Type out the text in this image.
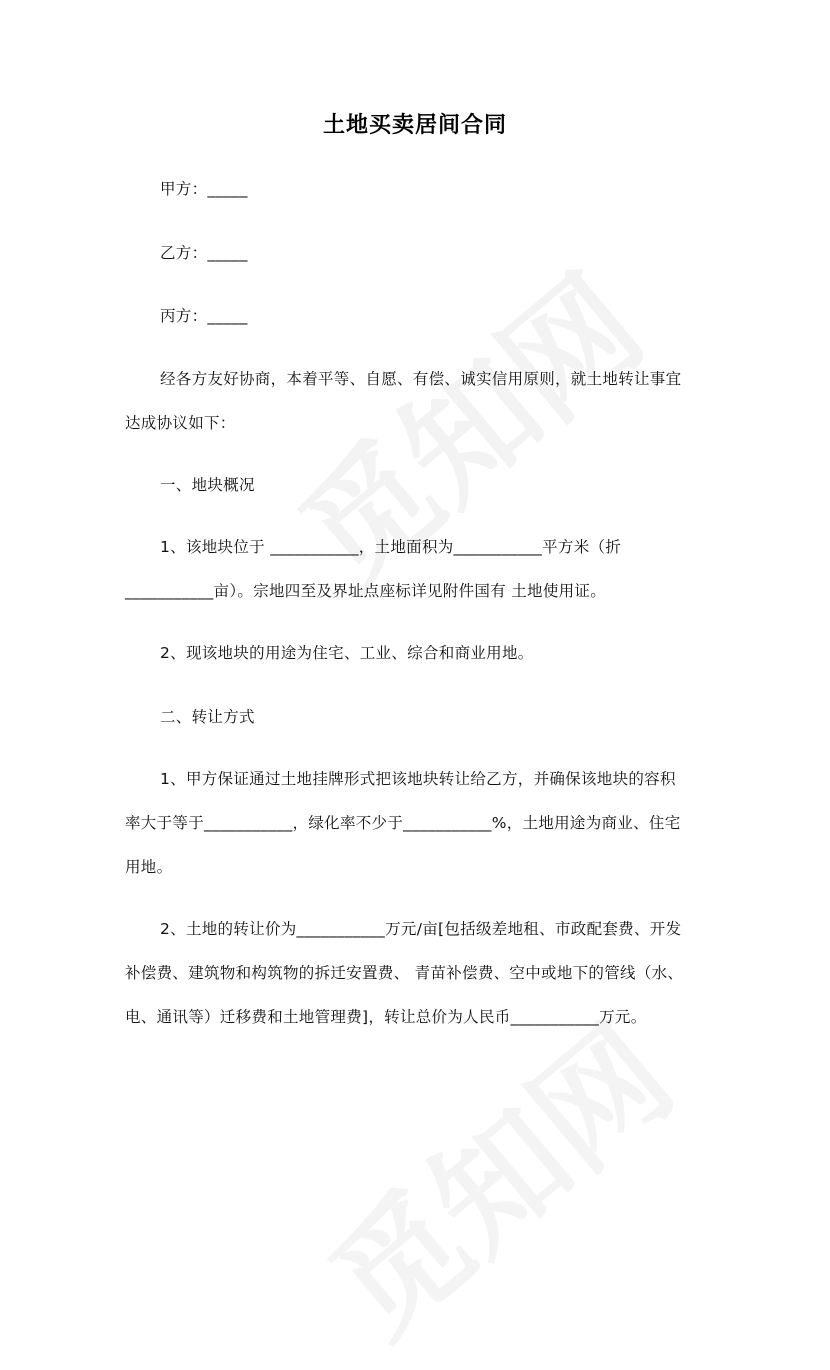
土地买卖居间合同
甲方：_____
乙方：_____
丙方：_____
经各方友好协商，本着平等、自愿、有偿、诚实信用原则，就土地转让事宜
达成协议如下：
一、地块概况
1、该地块位于 ___________，土地面积为___________平方米（折
___________亩）。宗地四至及界址点座标详见附件国有 土地使用证。
2、现该地块的用途为住宅、工业、综合和商业用地。
二、转让方式
1、甲方保证通过土地挂牌形式把该地块转让给乙方，并确保该地块的容积
率大于等于___________，绿化率不少于___________%，土地用途为商业、住宅
用地。
2、土地的转让价为___________万元/亩[包括级差地租、市政配套费、开发
补偿费、建筑物和构筑物的拆迁安置费、 青苗补偿费、空中或地下的管线（水、
电、通讯等）迁移费和土地管理费]，转让总价为人民币___________万元。
